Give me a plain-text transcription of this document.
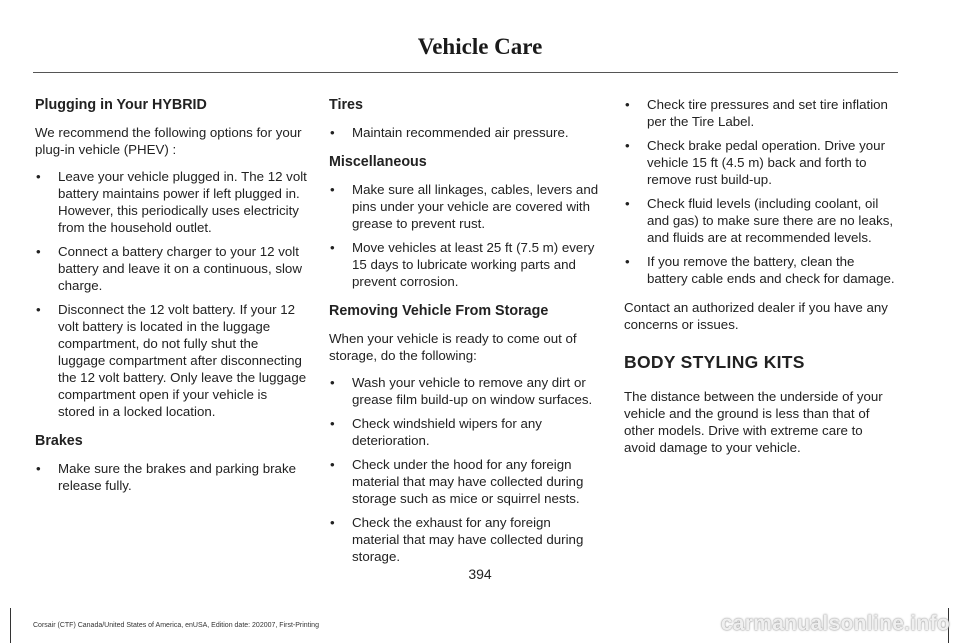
Vehicle Care
Plugging in Your HYBRID

We recommend the following options for your plug-in vehicle (PHEV) :

• Leave your vehicle plugged in. The 12 volt battery maintains power if left plugged in. However, this periodically uses electricity from the household outlet.
• Connect a battery charger to your 12 volt battery and leave it on a continuous, slow charge.
• Disconnect the 12 volt battery. If your 12 volt battery is located in the luggage compartment, do not fully shut the luggage compartment after disconnecting the 12 volt battery. Only leave the luggage compartment open if your vehicle is stored in a locked location.
Brakes
• Make sure the brakes and parking brake release fully.
Tires
• Maintain recommended air pressure.
Miscellaneous
• Make sure all linkages, cables, levers and pins under your vehicle are covered with grease to prevent rust.
• Move vehicles at least 25 ft (7.5 m) every 15 days to lubricate working parts and prevent corrosion.
Removing Vehicle From Storage

When your vehicle is ready to come out of storage, do the following:

• Wash your vehicle to remove any dirt or grease film build-up on window surfaces.
• Check windshield wipers for any deterioration.
• Check under the hood for any foreign material that may have collected during storage such as mice or squirrel nests.
• Check the exhaust for any foreign material that may have collected during storage.
• Check tire pressures and set tire inflation per the Tire Label.
• Check brake pedal operation. Drive your vehicle 15 ft (4.5 m) back and forth to remove rust build-up.
• Check fluid levels (including coolant, oil and gas) to make sure there are no leaks, and fluids are at recommended levels.
• If you remove the battery, clean the battery cable ends and check for damage.

Contact an authorized dealer if you have any concerns or issues.

BODY STYLING KITS

The distance between the underside of your vehicle and the ground is less than that of other models. Drive with extreme care to avoid damage to your vehicle.

394
Corsair (CTF) Canada/United States of America, enUSA, Edition date: 202007, First-Printing	carmanualsonline.info
